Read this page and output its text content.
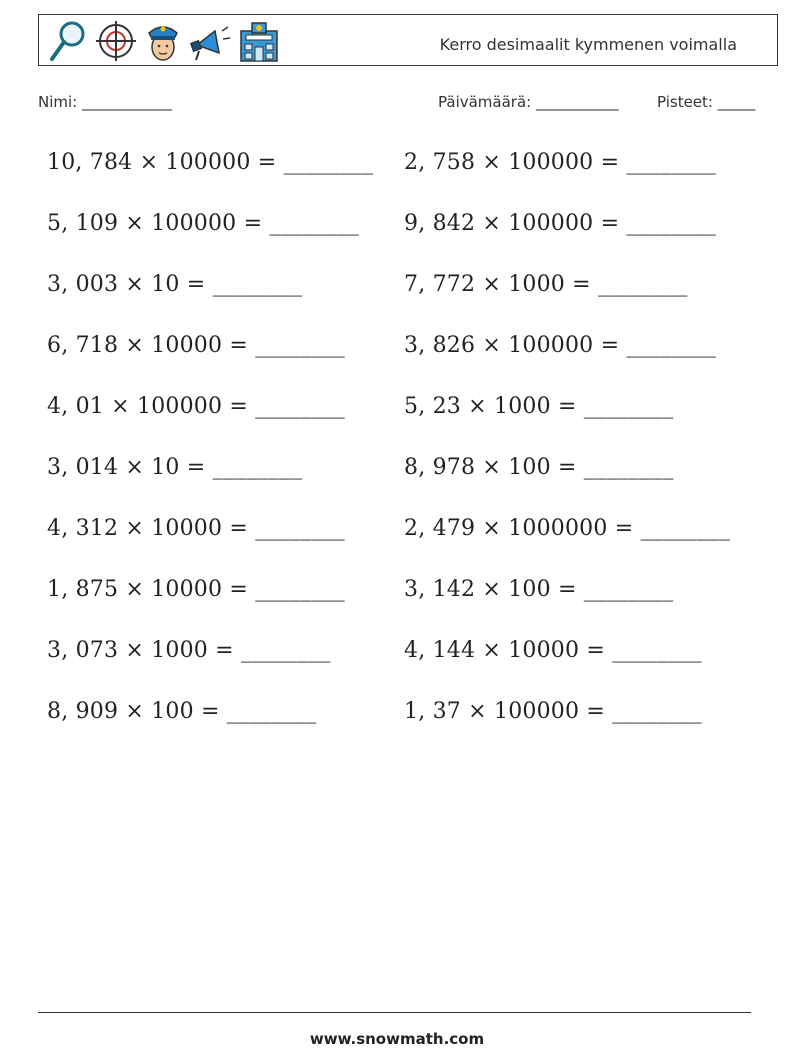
Kerro desimaalit kymmenen voimalla
Nimi: ____________	Päivämäärä: ___________	Pisteet: _____
10, 784 × 100000 = ________ 2, 758 × 100000 = ________
5, 109 × 100000 = ________ 9, 842 × 100000 = ________
3, 003 × 10 = ________	7, 772 × 1000 = ________
6, 718 × 10000 = ________	3, 826 × 100000 = ________
4, 01 × 100000 = ________	5, 23 × 1000 = ________
3, 014 × 10 = ________	8, 978 × 100 = ________
4, 312 × 10000 = ________	2, 479 × 1000000 = ________
1, 875 × 10000 = ________	3, 142 × 100 = ________
3, 073 × 1000 = ________	4, 144 × 10000 = ________
8, 909 × 100 = ________	1, 37 × 100000 = ________
www.snowmath.com
